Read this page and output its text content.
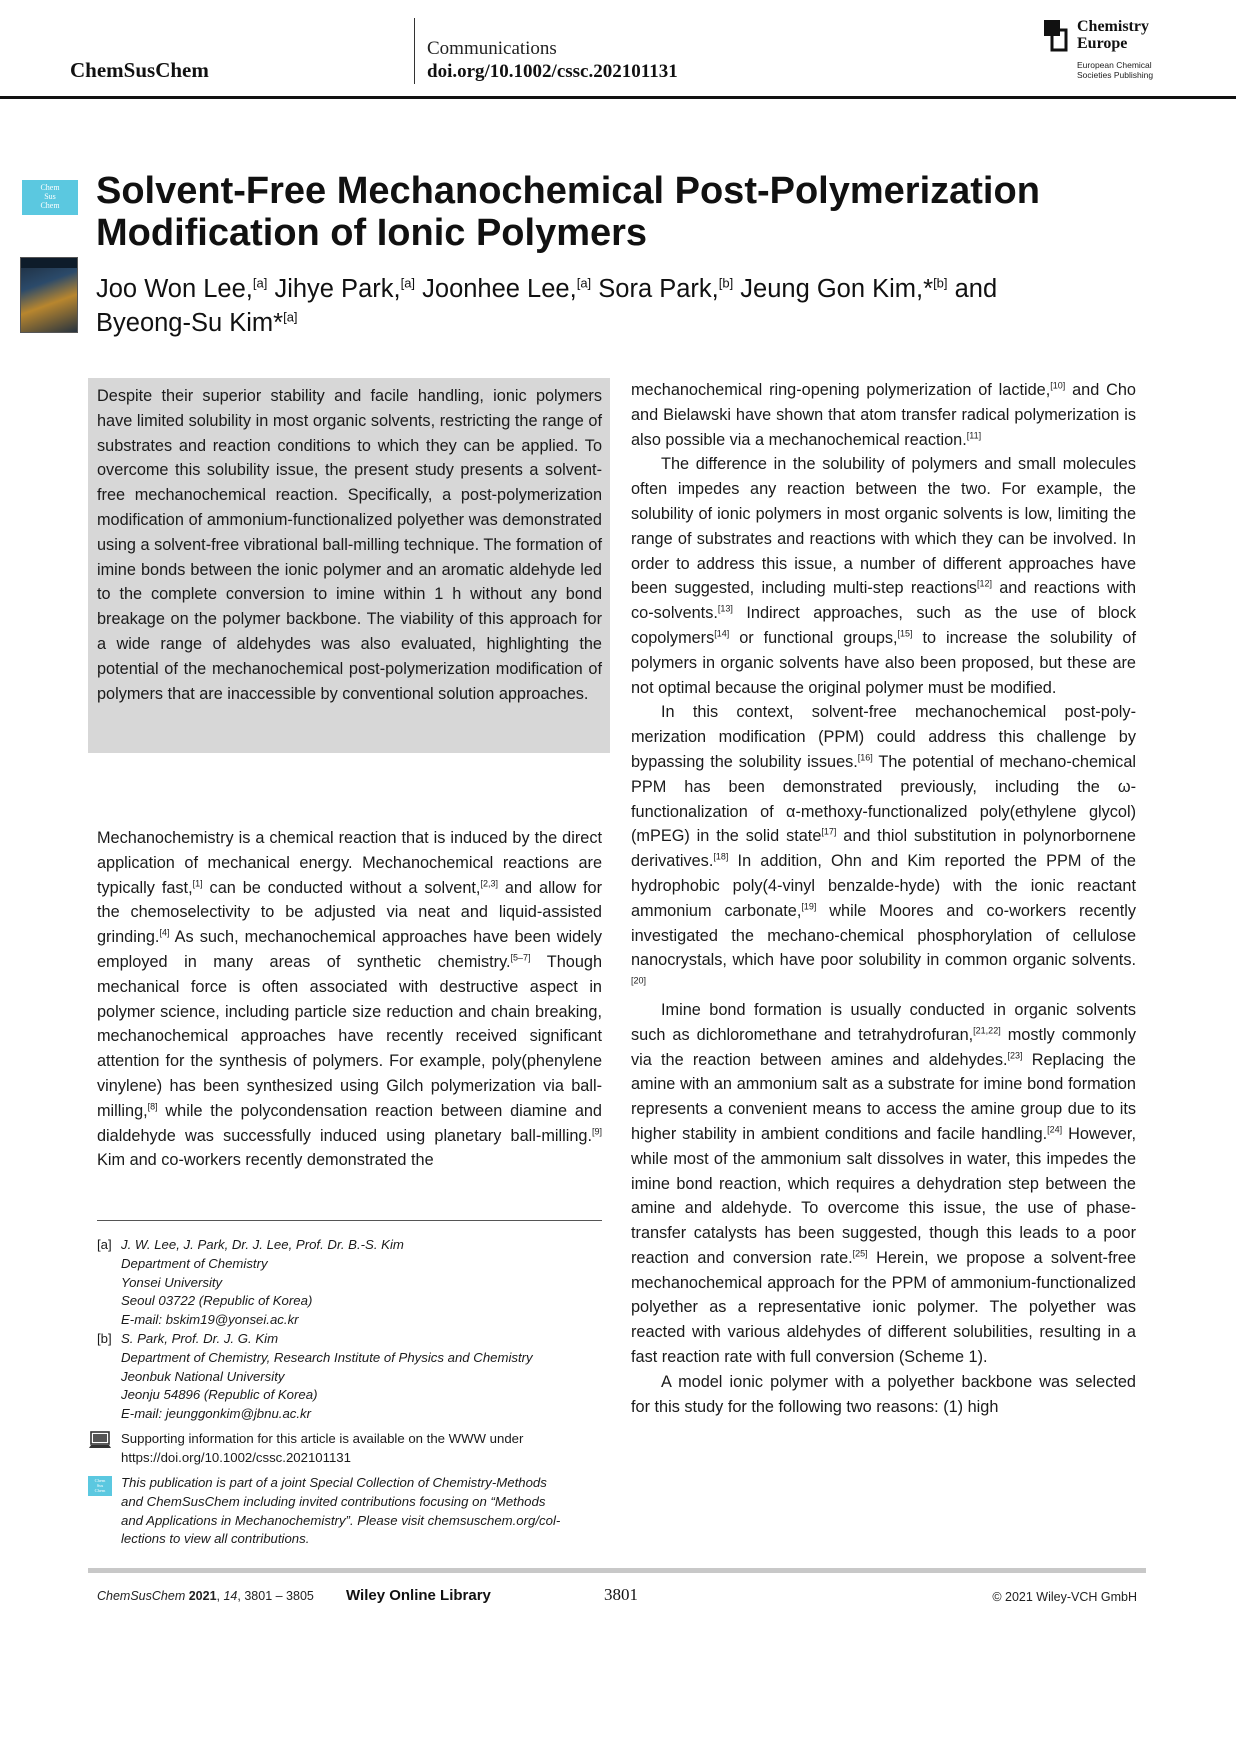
ChemSusChem
Communications
doi.org/10.1002/cssc.202101131
Chemistry
Europe
European Chemical
Societies Publishing
Chem
Sus
Chem Solvent-Free Mechanochemical Post-Polymerization
Modification of Ionic Polymers
Joo Won Lee,[a] Jihye Park,[a] Joonhee Lee,[a] Sora Park,[b] Jeung Gon Kim,*[b] and
Byeong-Su Kim*[a]

Despite their superior stability and facile handling, ionic polymers have limited solubility in most organic solvents, restricting the range of substrates and reaction conditions to which they can be applied. To overcome this solubility issue, the present study presents a solvent-free mechanochemical reaction. Specifically, a post-polymerization modification of ammonium-functionalized polyether was demonstrated using a solvent-free vibrational ball-milling technique. The formation of imine bonds between the ionic polymer and an aromatic aldehyde led to the complete conversion to imine within 1 h without any bond breakage on the polymer backbone. The viability of this approach for a wide range of aldehydes was also evaluated, highlighting the potential of the mechanochemical post-polymerization modification of polymers that are inaccessible by conventional solution approaches.

Mechanochemistry is a chemical reaction that is induced by the direct application of mechanical energy. Mechanochemical reactions are typically fast,[1] can be conducted without a solvent,[2,3] and allow for the chemoselectivity to be adjusted via neat and liquid-assisted grinding.[4] As such, mechanochemical approaches have been widely employed in many areas of synthetic chemistry.[5–7] Though mechanical force is often associated with destructive aspect in polymer science, including particle size reduction and chain breaking, mechanochemical approaches have recently received significant attention for the synthesis of polymers. For example, poly(phenylene vinylene) has been synthesized using Gilch polymerization via ball-milling,[8] while the polycondensation reaction between diamine and dialdehyde was successfully induced using planetary ball-milling.[9] Kim and co-workers recently demonstrated the

[a] J. W. Lee, J. Park, Dr. J. Lee, Prof. Dr. B.-S. Kim
Department of Chemistry
Yonsei University
Seoul 03722 (Republic of Korea)
E-mail: bskim19@yonsei.ac.kr
[b] S. Park, Prof. Dr. J. G. Kim
Department of Chemistry, Research Institute of Physics and Chemistry
Jeonbuk National University
Jeonju 54896 (Republic of Korea)
E-mail: jeunggonkim@jbnu.ac.kr
Supporting information for this article is available on the WWW under
https://doi.org/10.1002/cssc.202101131
Chem
Sus
Chem
This publication is part of a joint Special Collection of Chemistry-Methods
and ChemSusChem including invited contributions focusing on “Methods
and Applications in Mechanochemistry”. Please visit chemsuschem.org/col-
lections to view all contributions.

mechanochemical ring-opening polymerization of lactide,[10] and Cho and Bielawski have shown that atom transfer radical polymerization is also possible via a mechanochemical reaction.[11]

The difference in the solubility of polymers and small molecules often impedes any reaction between the two. For example, the solubility of ionic polymers in most organic solvents is low, limiting the range of substrates and reactions with which they can be involved. In order to address this issue, a number of different approaches have been suggested, including multi-step reactions[12] and reactions with co-solvents.[13] Indirect approaches, such as the use of block copolymers[14] or functional groups,[15] to increase the solubility of polymers in organic solvents have also been proposed, but these are not optimal because the original polymer must be modified.

In this context, solvent-free mechanochemical post-poly-merization modification (PPM) could address this challenge by bypassing the solubility issues.[16] The potential of mechano-chemical PPM has been demonstrated previously, including the ω-functionalization of α-methoxy-functionalized poly(ethylene glycol) (mPEG) in the solid state[17] and thiol substitution in polynorbornene derivatives.[18] In addition, Ohn and Kim reported the PPM of the hydrophobic poly(4-vinyl benzalde-hyde) with the ionic reactant ammonium carbonate,[19] while Moores and co-workers recently investigated the mechano-chemical phosphorylation of cellulose nanocrystals, which have poor solubility in common organic solvents.[20]

Imine bond formation is usually conducted in organic solvents such as dichloromethane and tetrahydrofuran,[21,22] mostly commonly via the reaction between amines and aldehydes.[23] Replacing the amine with an ammonium salt as a substrate for imine bond formation represents a convenient means to access the amine group due to its higher stability in ambient conditions and facile handling.[24] However, while most of the ammonium salt dissolves in water, this impedes the imine bond reaction, which requires a dehydration step between the amine and aldehyde. To overcome this issue, the use of phase-transfer catalysts has been suggested, though this leads to a poor reaction and conversion rate.[25] Herein, we propose a solvent-free mechanochemical approach for the PPM of ammonium-functionalized polyether as a representative ionic polymer. The polyether was reacted with various aldehydes of different solubilities, resulting in a fast reaction rate with full conversion (Scheme 1).

A model ionic polymer with a polyether backbone was selected for this study for the following two reasons: (1) high

ChemSusChem 2021, 14, 3801 – 3805 Wiley Online Library	3801	© 2021 Wiley-VCH GmbH
